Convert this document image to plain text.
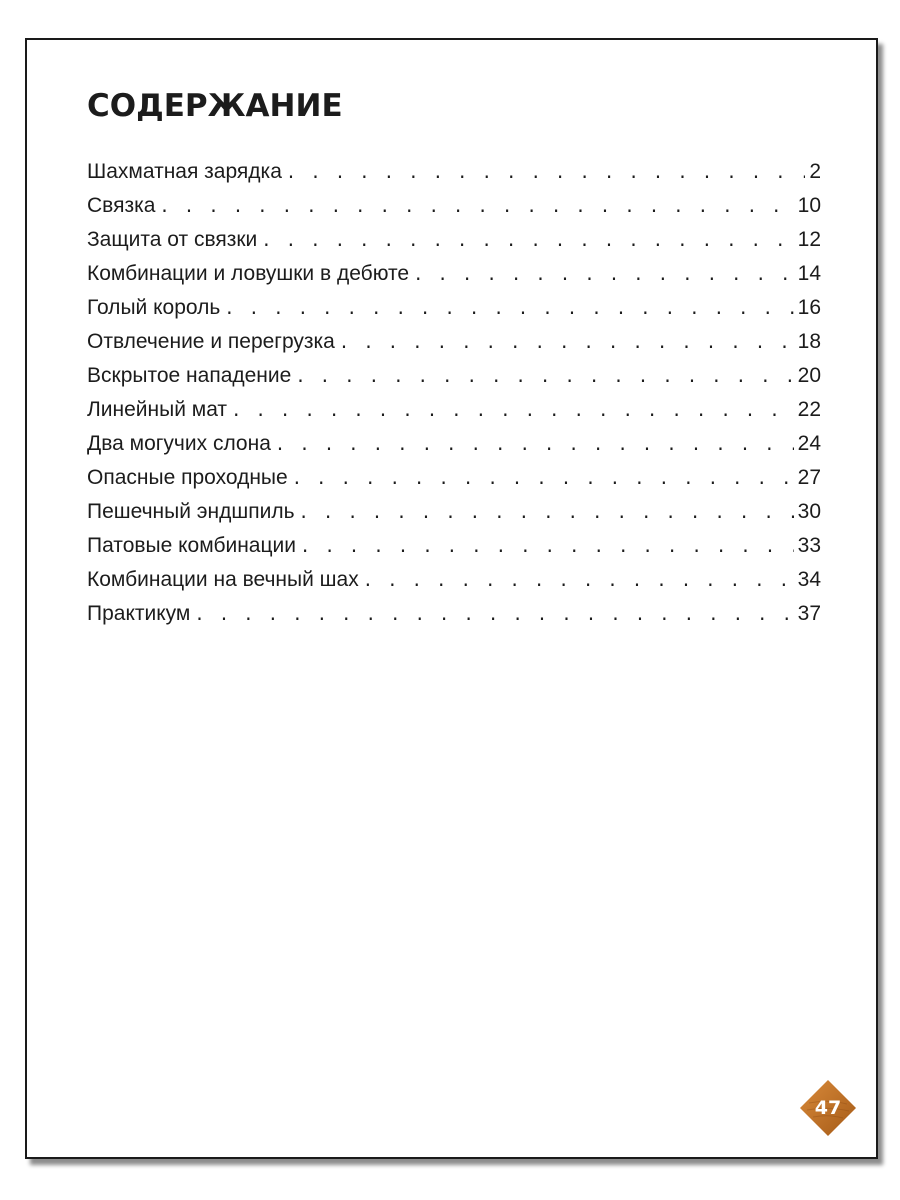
СОДЕРЖАНИЕ
Шахматная зарядка . . .	2
Связка . . .	10
Защита от связки . . .	12
Комбинации и ловушки в дебюте . . .	14
Голый король . . .	16
Отвлечение и перегрузка . . .	18
Вскрытое нападение . . .	20
Линейный мат . . .	22
Два могучих слона . . .	24
Опасные проходные . . .	27
Пешечный эндшпиль . . .	30
Патовые комбинации . . .	33
Комбинации на вечный шах . . .	34
Практикум . . .	37
47
